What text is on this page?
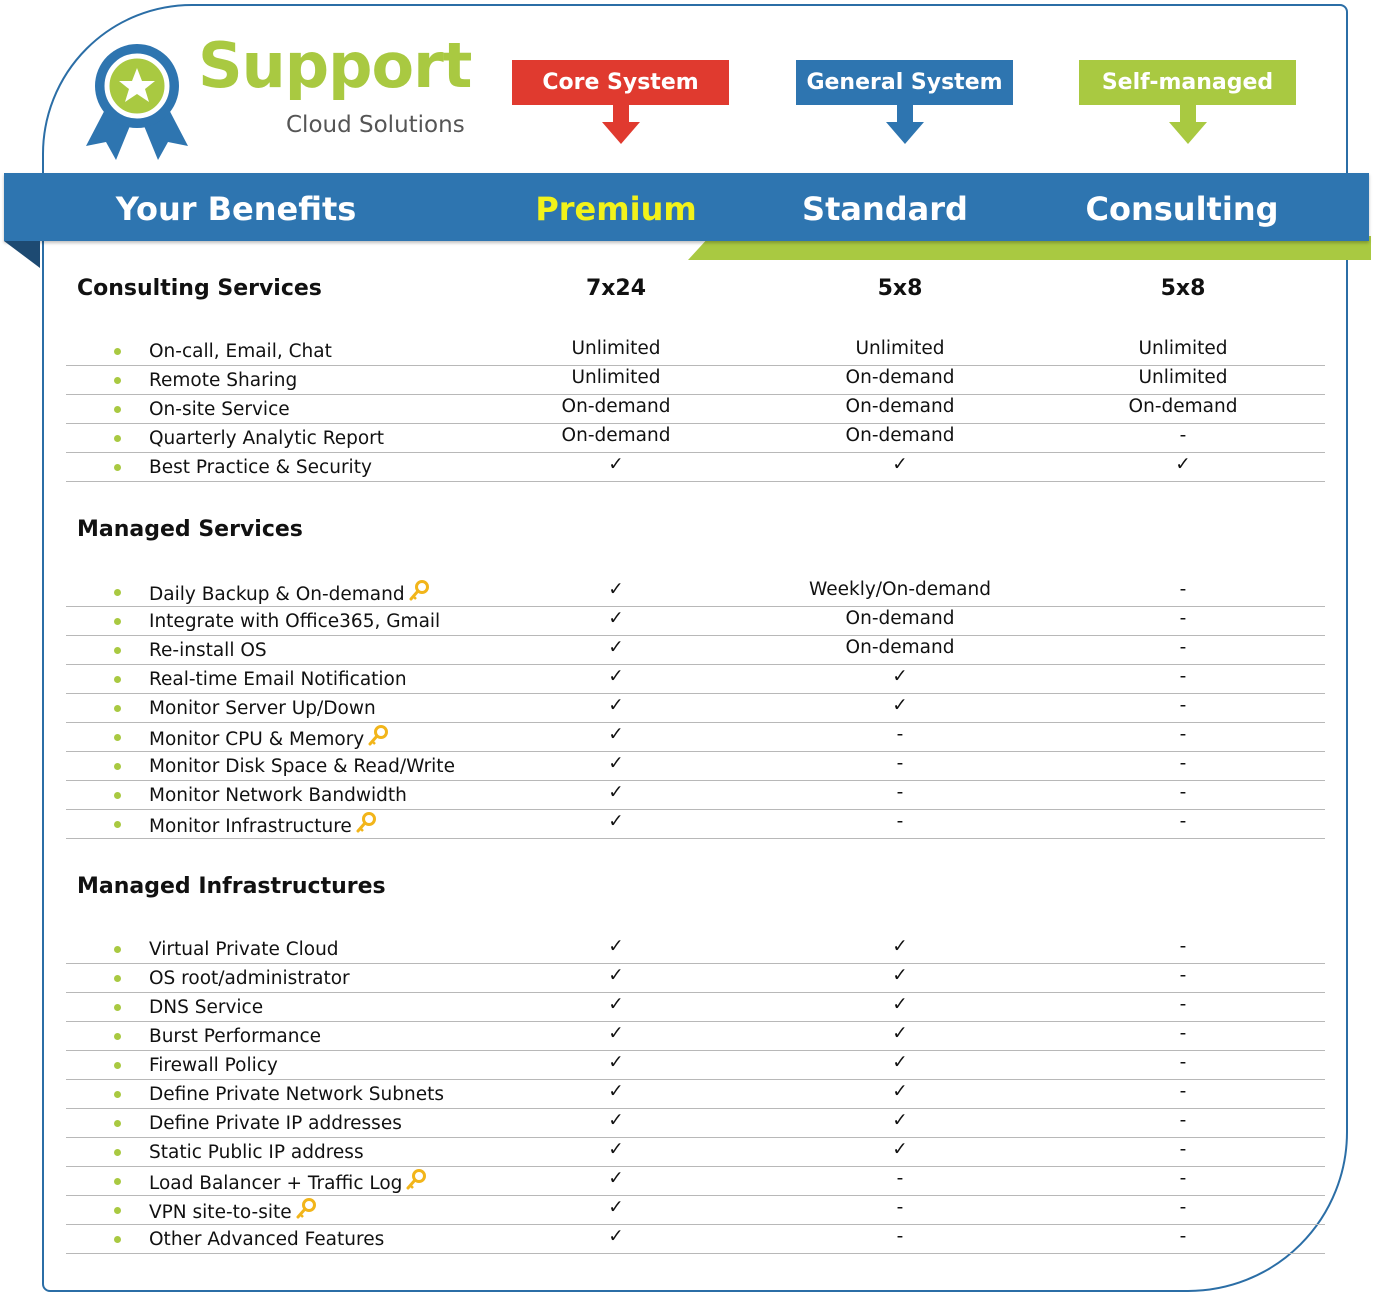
Support
Cloud Solutions
Core System	General System	Self-managed
Your Benefits	Premium	Standard	Consulting
Consulting Services	7x24	5x8	5x8
On-call, Email, Chat	Unlimited	Unlimited	Unlimited
Remote Sharing	Unlimited	On-demand	Unlimited
On-site Service	On-demand	On-demand	On-demand
Quarterly Analytic Report	On-demand	On-demand	-
Best Practice & Security	✓	✓	✓
Managed Services
Daily Backup & On-demand	✓	Weekly/On-demand	-
Integrate with Office365, Gmail	✓	On-demand	-
Re-install OS	✓	On-demand	-
Real-time Email Notification	✓	✓	-
Monitor Server Up/Down	✓	✓	-
Monitor CPU & Memory	✓	-	-
Monitor Disk Space & Read/Write	✓	-	-
Monitor Network Bandwidth	✓	-	-
Monitor Infrastructure	✓	-	-
Managed Infrastructures
Virtual Private Cloud	✓	✓	-
OS root/administrator	✓	✓	-
DNS Service	✓	✓	-
Burst Performance	✓	✓	-
Firewall Policy	✓	✓	-
Define Private Network Subnets	✓	✓	-
Define Private IP addresses	✓	✓	-
Static Public IP address	✓	✓	-
Load Balancer + Traffic Log	✓	-	-
VPN site-to-site	✓	-	-
Other Advanced Features	✓	-	-
